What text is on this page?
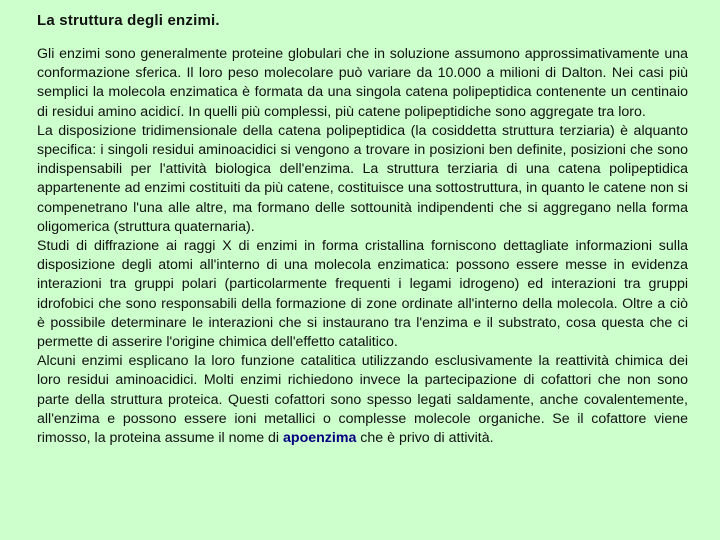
La struttura degli enzimi.

Gli enzimi sono generalmente proteine globulari che in soluzione assumono approssimativamente una conformazione sferica. Il loro peso molecolare può variare da 10.000 a milioni di Dalton. Nei casi più semplici la molecola enzimatica è formata da una singola catena polipeptidica contenente un centinaio di residui amino acidicí. In quelli più complessi, più catene polipeptidiche sono aggregate tra loro.

La disposizione tridimensionale della catena polipeptidica (la cosiddetta struttura terziaria) è alquanto specifica: i singoli residui aminoacidici si vengono a trovare in posizioni ben definite, posizioni che sono indispensabili per l'attività biologica dell'enzima. La struttura terziaria di una catena polipeptidica appartenente ad enzimi costituiti da più catene, costituisce una sottostruttura, in quanto le catene non si compenetrano l'una alle altre, ma formano delle sottounità indipendenti che si aggregano nella forma oligomerica (struttura quaternaria).

Studi di diffrazione ai raggi X di enzimi in forma cristallina forniscono dettagliate informazioni sulla disposizione degli atomi all'interno di una molecola enzimatica: possono essere messe in evidenza interazioni tra gruppi polari (particolarmente frequenti i legami idrogeno) ed interazioni tra gruppi idrofobici che sono responsabili della formazione di zone ordinate all'interno della molecola. Oltre a ciò è possibile determinare le interazioni che si instaurano tra l'enzima e il substrato, cosa questa che ci permette di asserire l'origine chimica dell'effetto catalitico.

Alcuni enzimi esplicano la loro funzione catalitica utilizzando esclusivamente la reattività chimica dei loro residui aminoacidici. Molti enzimi richiedono invece la partecipazione di cofattori che non sono parte della struttura proteica. Questi cofattori sono spesso legati saldamente, anche covalentemente, all'enzima e possono essere ioni metallici o complesse molecole organiche. Se il cofattore viene rimosso, la proteina assume il nome di apoenzima che è privo di attività.
